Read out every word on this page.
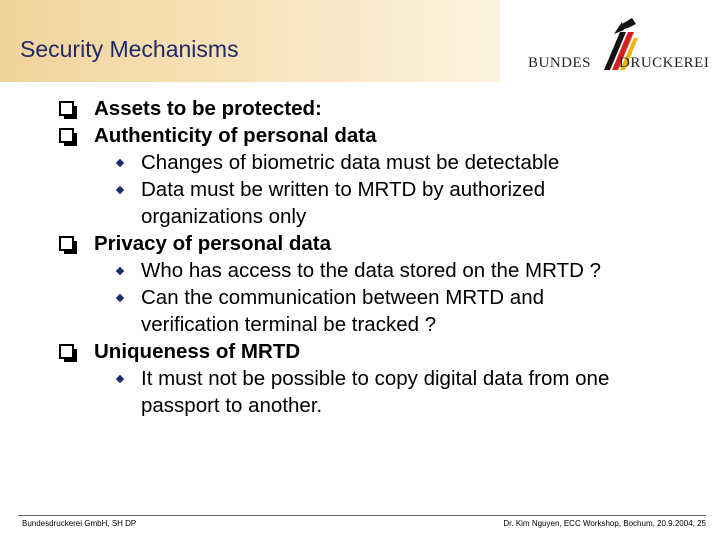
Security Mechanisms
BUNDES DRUCKEREI
Assets to be protected:
Authenticity of personal data
Changes of biometric data must be detectable
Data must be written to MRTD by authorized
organizations only
Privacy of personal data
Who has access to the data stored on the MRTD ?
Can the communication between MRTD and
verification terminal be tracked ?
Uniqueness of MRTD
It must not be possible to copy digital data from one
passport to another.
Bundesdruckerei GmbH, SH DP	Dr. Kim Nguyen, ECC Workshop, Bochum, 20.9.2004, 25
